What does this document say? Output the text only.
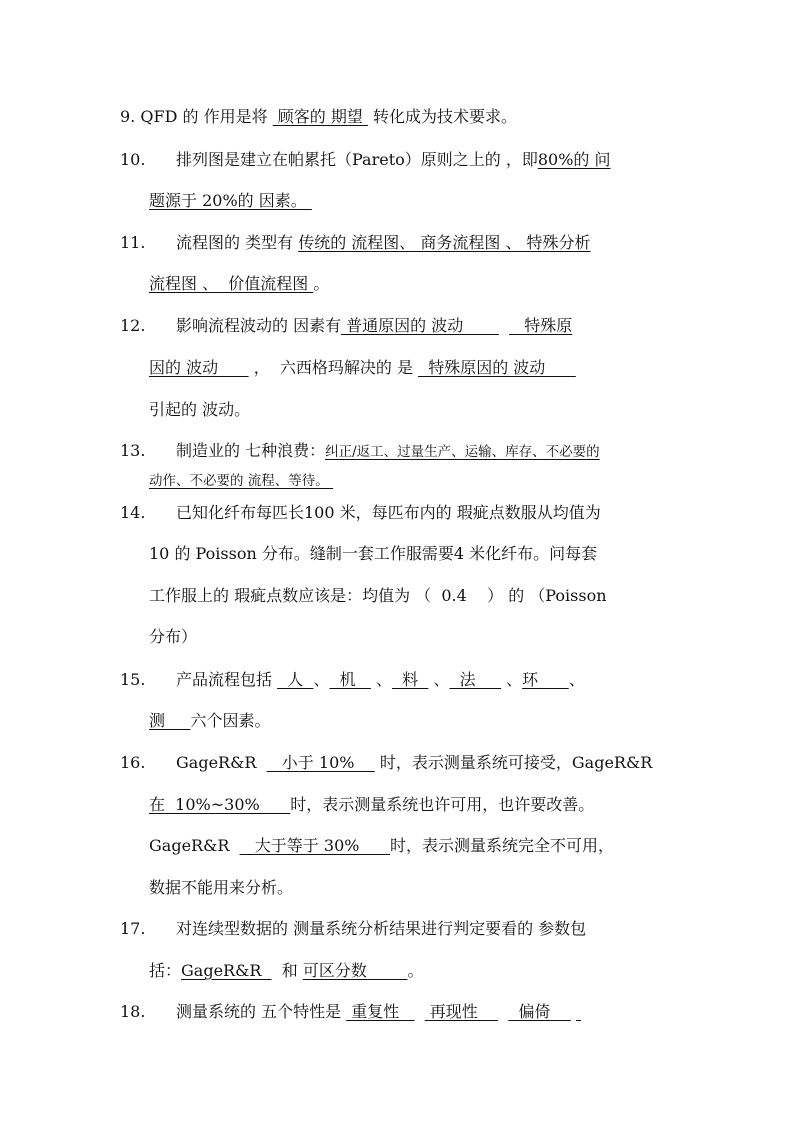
9. QFD 的 作用是将  顾客的 期望  转化成为技术要求。
10. 排列图是建立在帕累托（Pareto）原则之上的 ，即80%的 问
题源于 20%的 因素。
11. 流程图的 类型有 传统的 流程图、 商务流程图 、 特殊分析
流程图 、  价值流程图 。
12. 影响流程波动的 因素有 普通原因的 波动            特殊原
因的 波动       ，  六西格玛解决的 是   特殊原因的 波动
引起的 波动。
13. 制造业的 七种浪费：纠正/返工、过量生产、运输、库存、不必要的
动作、不必要的 流程、等待。
14. 已知化纤布每匹长100 米，每匹布内的 瑕疵点数服从均值为
10 的 Poisson 分布。缝制一套工作服需要4 米化纤布。问每套
工作服上的 瑕疵点数应该是：均值为 （  0.4    ） 的 （Poisson
分布）
15. 产品流程包括   人  、  机    、  料   、  法      、环      、
测     六个因素。
16. GageR&R     小于 10%     时，表示测量系统可接受，GageR&R
在  10%~30%      时，表示测量系统也许可用，也许要改善。
GageR&R     大于等于 30%      时，表示测量系统完全不可用，
数据不能用来分析。
17. 对连续型数据的 测量系统分析结果进行判定要看的 参数包
括：GageR&R    和 可区分数        。
18. 测量系统的 五个特性是  重复性      再现性        偏倚
